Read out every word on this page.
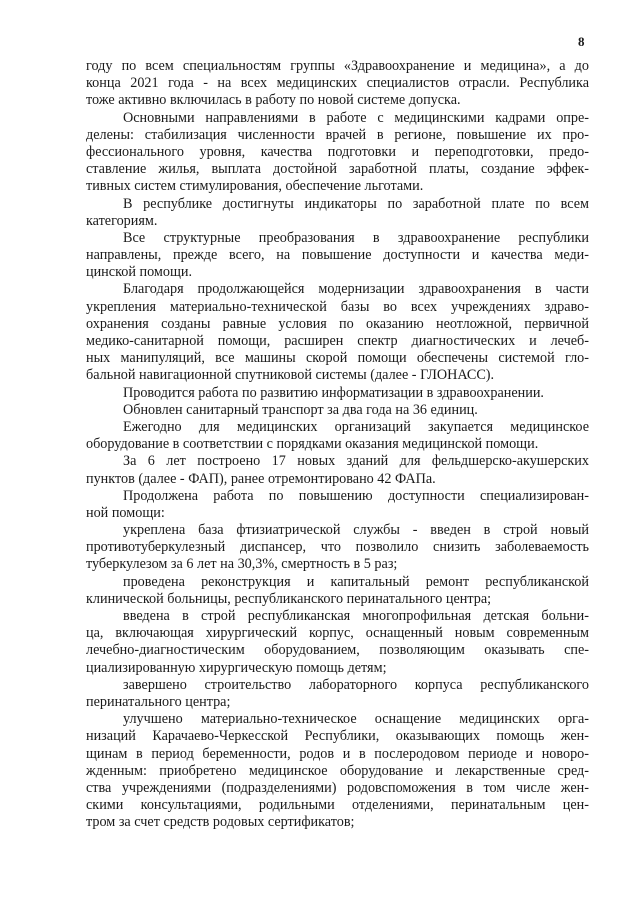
8
году по всем специальностям группы «Здравоохранение и медицина», а до
конца 2021 года - на всех медицинских специалистов отрасли. Республика
тоже активно включилась в работу по новой системе допуска.
Основными направлениями в работе с медицинскими кадрами опре-
делены: стабилизация численности врачей в регионе, повышение их про-
фессионального уровня, качества подготовки и переподготовки, предо-
ставление жилья, выплата достойной заработной платы, создание эффек-
тивных систем стимулирования, обеспечение льготами.
В республике достигнуты индикаторы по заработной плате по всем
категориям.
Все структурные преобразования в здравоохранение республики
направлены, прежде всего, на повышение доступности и качества меди-
цинской помощи.
Благодаря продолжающейся модернизации здравоохранения в части
укрепления материально-технической базы во всех учреждениях здраво-
охранения созданы равные условия по оказанию неотложной, первичной
медико-санитарной помощи, расширен спектр диагностических и лечеб-
ных манипуляций, все машины скорой помощи обеспечены системой гло-
бальной навигационной спутниковой системы (далее - ГЛОНАСС).
Проводится работа по развитию информатизации в здравоохранении.
Обновлен санитарный транспорт за два года на 36 единиц.
Ежегодно для медицинских организаций закупается медицинское
оборудование в соответствии с порядками оказания медицинской помощи.
За 6 лет построено 17 новых зданий для фельдшерско-акушерских
пунктов (далее - ФАП), ранее отремонтировано 42 ФАПа.
Продолжена работа по повышению доступности специализирован-
ной помощи:
укреплена база фтизиатрической службы - введен в строй новый
противотуберкулезный диспансер, что позволило снизить заболеваемость
туберкулезом за 6 лет на 30,3%, смертность в 5 раз;
проведена реконструкция и капитальный ремонт республиканской
клинической больницы, республиканского перинатального центра;
введена в строй республиканская многопрофильная детская больни-
ца, включающая хирургический корпус, оснащенный новым современным
лечебно-диагностическим оборудованием, позволяющим оказывать спе-
циализированную хирургическую помощь детям;
завершено строительство лабораторного корпуса республиканского
перинатального центра;
улучшено материально-техническое оснащение медицинских орга-
низаций Карачаево-Черкесской Республики, оказывающих помощь жен-
щинам в период беременности, родов и в послеродовом периоде и новоро-
жденным: приобретено медицинское оборудование и лекарственные сред-
ства учреждениями (подразделениями) родовспоможения в том числе жен-
скими консультациями, родильными отделениями, перинатальным цен-
тром за счет средств родовых сертификатов;
